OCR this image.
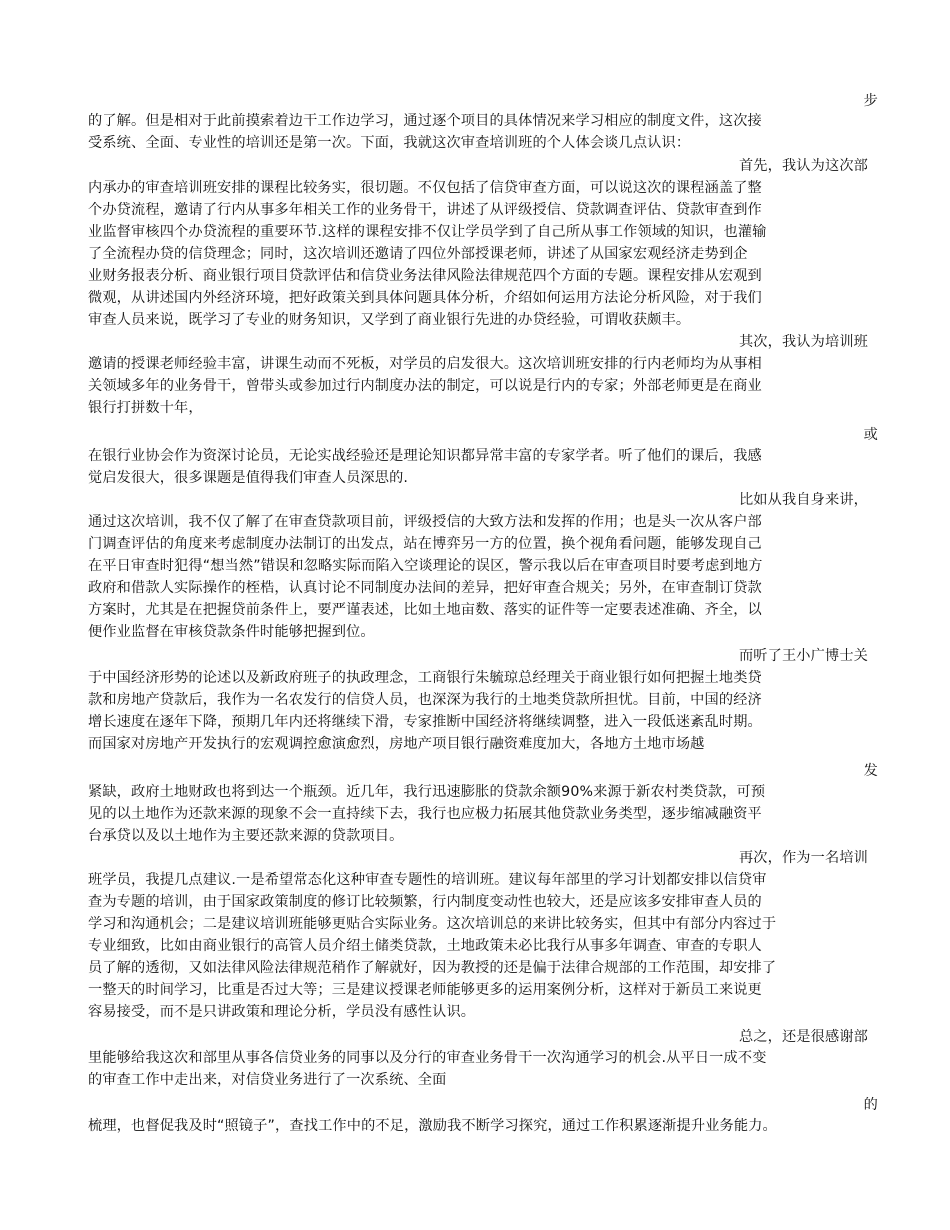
步
的了解。但是相对于此前摸索着边干工作边学习，通过逐个项目的具体情况来学习相应的制度文件，这次接
受系统、全面、专业性的培训还是第一次。下面，我就这次审查培训班的个人体会谈几点认识：
首先，我认为这次部
内承办的审查培训班安排的课程比较务实，很切题。不仅包括了信贷审查方面，可以说这次的课程涵盖了整
个办贷流程，邀请了行内从事多年相关工作的业务骨干，讲述了从评级授信、贷款调查评估、贷款审查到作
业监督审核四个办贷流程的重要环节.这样的课程安排不仅让学员学到了自己所从事工作领域的知识，也灌输
了全流程办贷的信贷理念；同时，这次培训还邀请了四位外部授课老师，讲述了从国家宏观经济走势到企
业财务报表分析、商业银行项目贷款评估和信贷业务法律风险法律规范四个方面的专题。课程安排从宏观到
微观，从讲述国内外经济环境，把好政策关到具体问题具体分析，介绍如何运用方法论分析风险，对于我们
审查人员来说，既学习了专业的财务知识，又学到了商业银行先进的办贷经验，可谓收获颇丰。
其次，我认为培训班
邀请的授课老师经验丰富，讲课生动而不死板，对学员的启发很大。这次培训班安排的行内老师均为从事相
关领域多年的业务骨干，曾带头或参加过行内制度办法的制定，可以说是行内的专家；外部老师更是在商业
银行打拼数十年，
或
在银行业协会作为资深讨论员，无论实战经验还是理论知识都异常丰富的专家学者。听了他们的课后，我感
觉启发很大，很多课题是值得我们审查人员深思的.
比如从我自身来讲，
通过这次培训，我不仅了解了在审查贷款项目前，评级授信的大致方法和发挥的作用；也是头一次从客户部
门调查评估的角度来考虑制度办法制订的出发点，站在博弈另一方的位置，换个视角看问题，能够发现自己
在平日审查时犯得“想当然”错误和忽略实际而陷入空谈理论的误区，警示我以后在审查项目时要考虑到地方
政府和借款人实际操作的桎梏，认真讨论不同制度办法间的差异，把好审查合规关；另外，在审查制订贷款
方案时，尤其是在把握贷前条件上，要严谨表述，比如土地亩数、落实的证件等一定要表述准确、齐全，以
便作业监督在审核贷款条件时能够把握到位。
而听了王小广博士关
于中国经济形势的论述以及新政府班子的执政理念，工商银行朱毓琼总经理关于商业银行如何把握土地类贷
款和房地产贷款后，我作为一名农发行的信贷人员，也深深为我行的土地类贷款所担忧。目前，中国的经济
增长速度在逐年下降，预期几年内还将继续下滑，专家推断中国经济将继续调整，进入一段低迷紊乱时期。
而国家对房地产开发执行的宏观调控愈演愈烈，房地产项目银行融资难度加大，各地方土地市场越
发
紧缺，政府土地财政也将到达一个瓶颈。近几年，我行迅速膨胀的贷款余额90%来源于新农村类贷款，可预
见的以土地作为还款来源的现象不会一直持续下去，我行也应极力拓展其他贷款业务类型，逐步缩减融资平
台承贷以及以土地作为主要还款来源的贷款项目。
再次，作为一名培训
班学员，我提几点建议.一是希望常态化这种审查专题性的培训班。建议每年部里的学习计划都安排以信贷审
查为专题的培训，由于国家政策制度的修订比较频繁，行内制度变动性也较大，还是应该多安排审查人员的
学习和沟通机会；二是建议培训班能够更贴合实际业务。这次培训总的来讲比较务实，但其中有部分内容过于
专业细致，比如由商业银行的高管人员介绍土储类贷款，土地政策未必比我行从事多年调查、审查的专职人
员了解的透彻，又如法律风险法律规范稍作了解就好，因为教授的还是偏于法律合规部的工作范围，却安排了
一整天的时间学习，比重是否过大等；三是建议授课老师能够更多的运用案例分析，这样对于新员工来说更
容易接受，而不是只讲政策和理论分析，学员没有感性认识。
总之，还是很感谢部
里能够给我这次和部里从事各信贷业务的同事以及分行的审查业务骨干一次沟通学习的机会.从平日一成不变
的审查工作中走出来，对信贷业务进行了一次系统、全面
的
梳理，也督促我及时“照镜子”，查找工作中的不足，激励我不断学习探究，通过工作积累逐渐提升业务能力。
